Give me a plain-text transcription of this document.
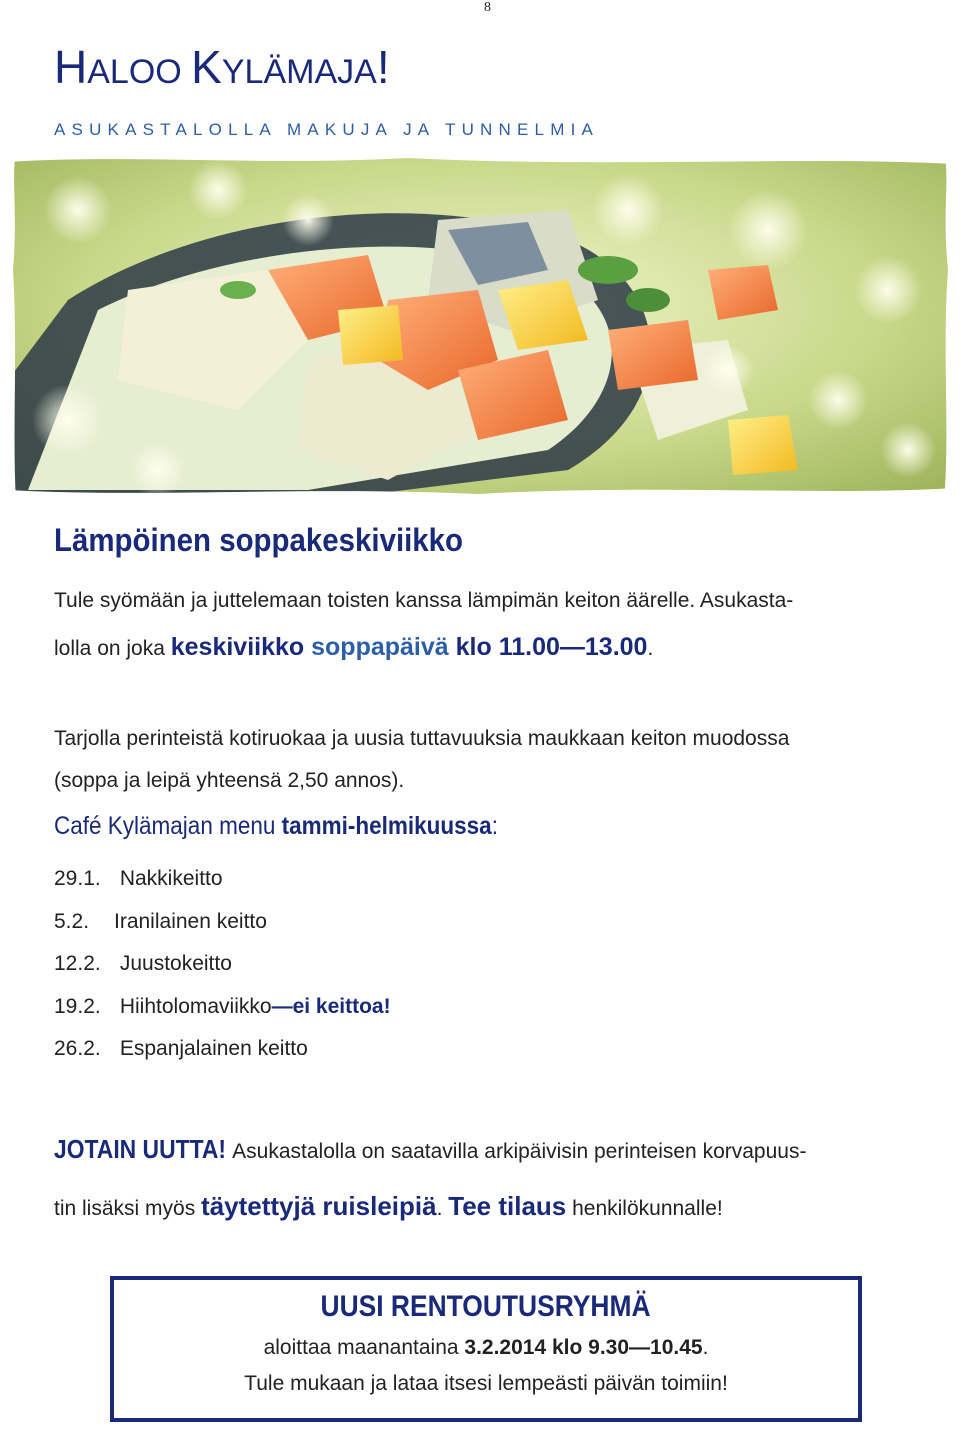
8
HALOO KYLÄMAJA!
ASUKASTALOLLA MAKUJA JA TUNNELMIA
Lämpöinen soppakeskiviikko
Tule syömään ja juttelemaan toisten kanssa lämpimän keiton äärelle. Asukasta-
lolla on joka keskiviikko soppapäivä klo 11.00—13.00.
Tarjolla perinteistä kotiruokaa ja uusia tuttavuuksia maukkaan keiton muodossa
(soppa ja leipä yhteensä 2,50 annos).
Café Kylämajan menu tammi-helmikuussa:
29.1. Nakkikeitto
5.2. Iranilainen keitto
12.2. Juustokeitto
19.2. Hiihtolomaviikko—ei keittoa!
26.2. Espanjalainen keitto
JOTAIN UUTTA! Asukastalolla on saatavilla arkipäivisin perinteisen korvapuus-
tin lisäksi myös täytettyjä ruisleipiä. Tee tilaus henkilökunnalle!
UUSI RENTOUTUSRYHMÄ
aloittaa maanantaina 3.2.2014 klo 9.30—10.45.
Tule mukaan ja lataa itsesi lempeästi päivän toimiin!
